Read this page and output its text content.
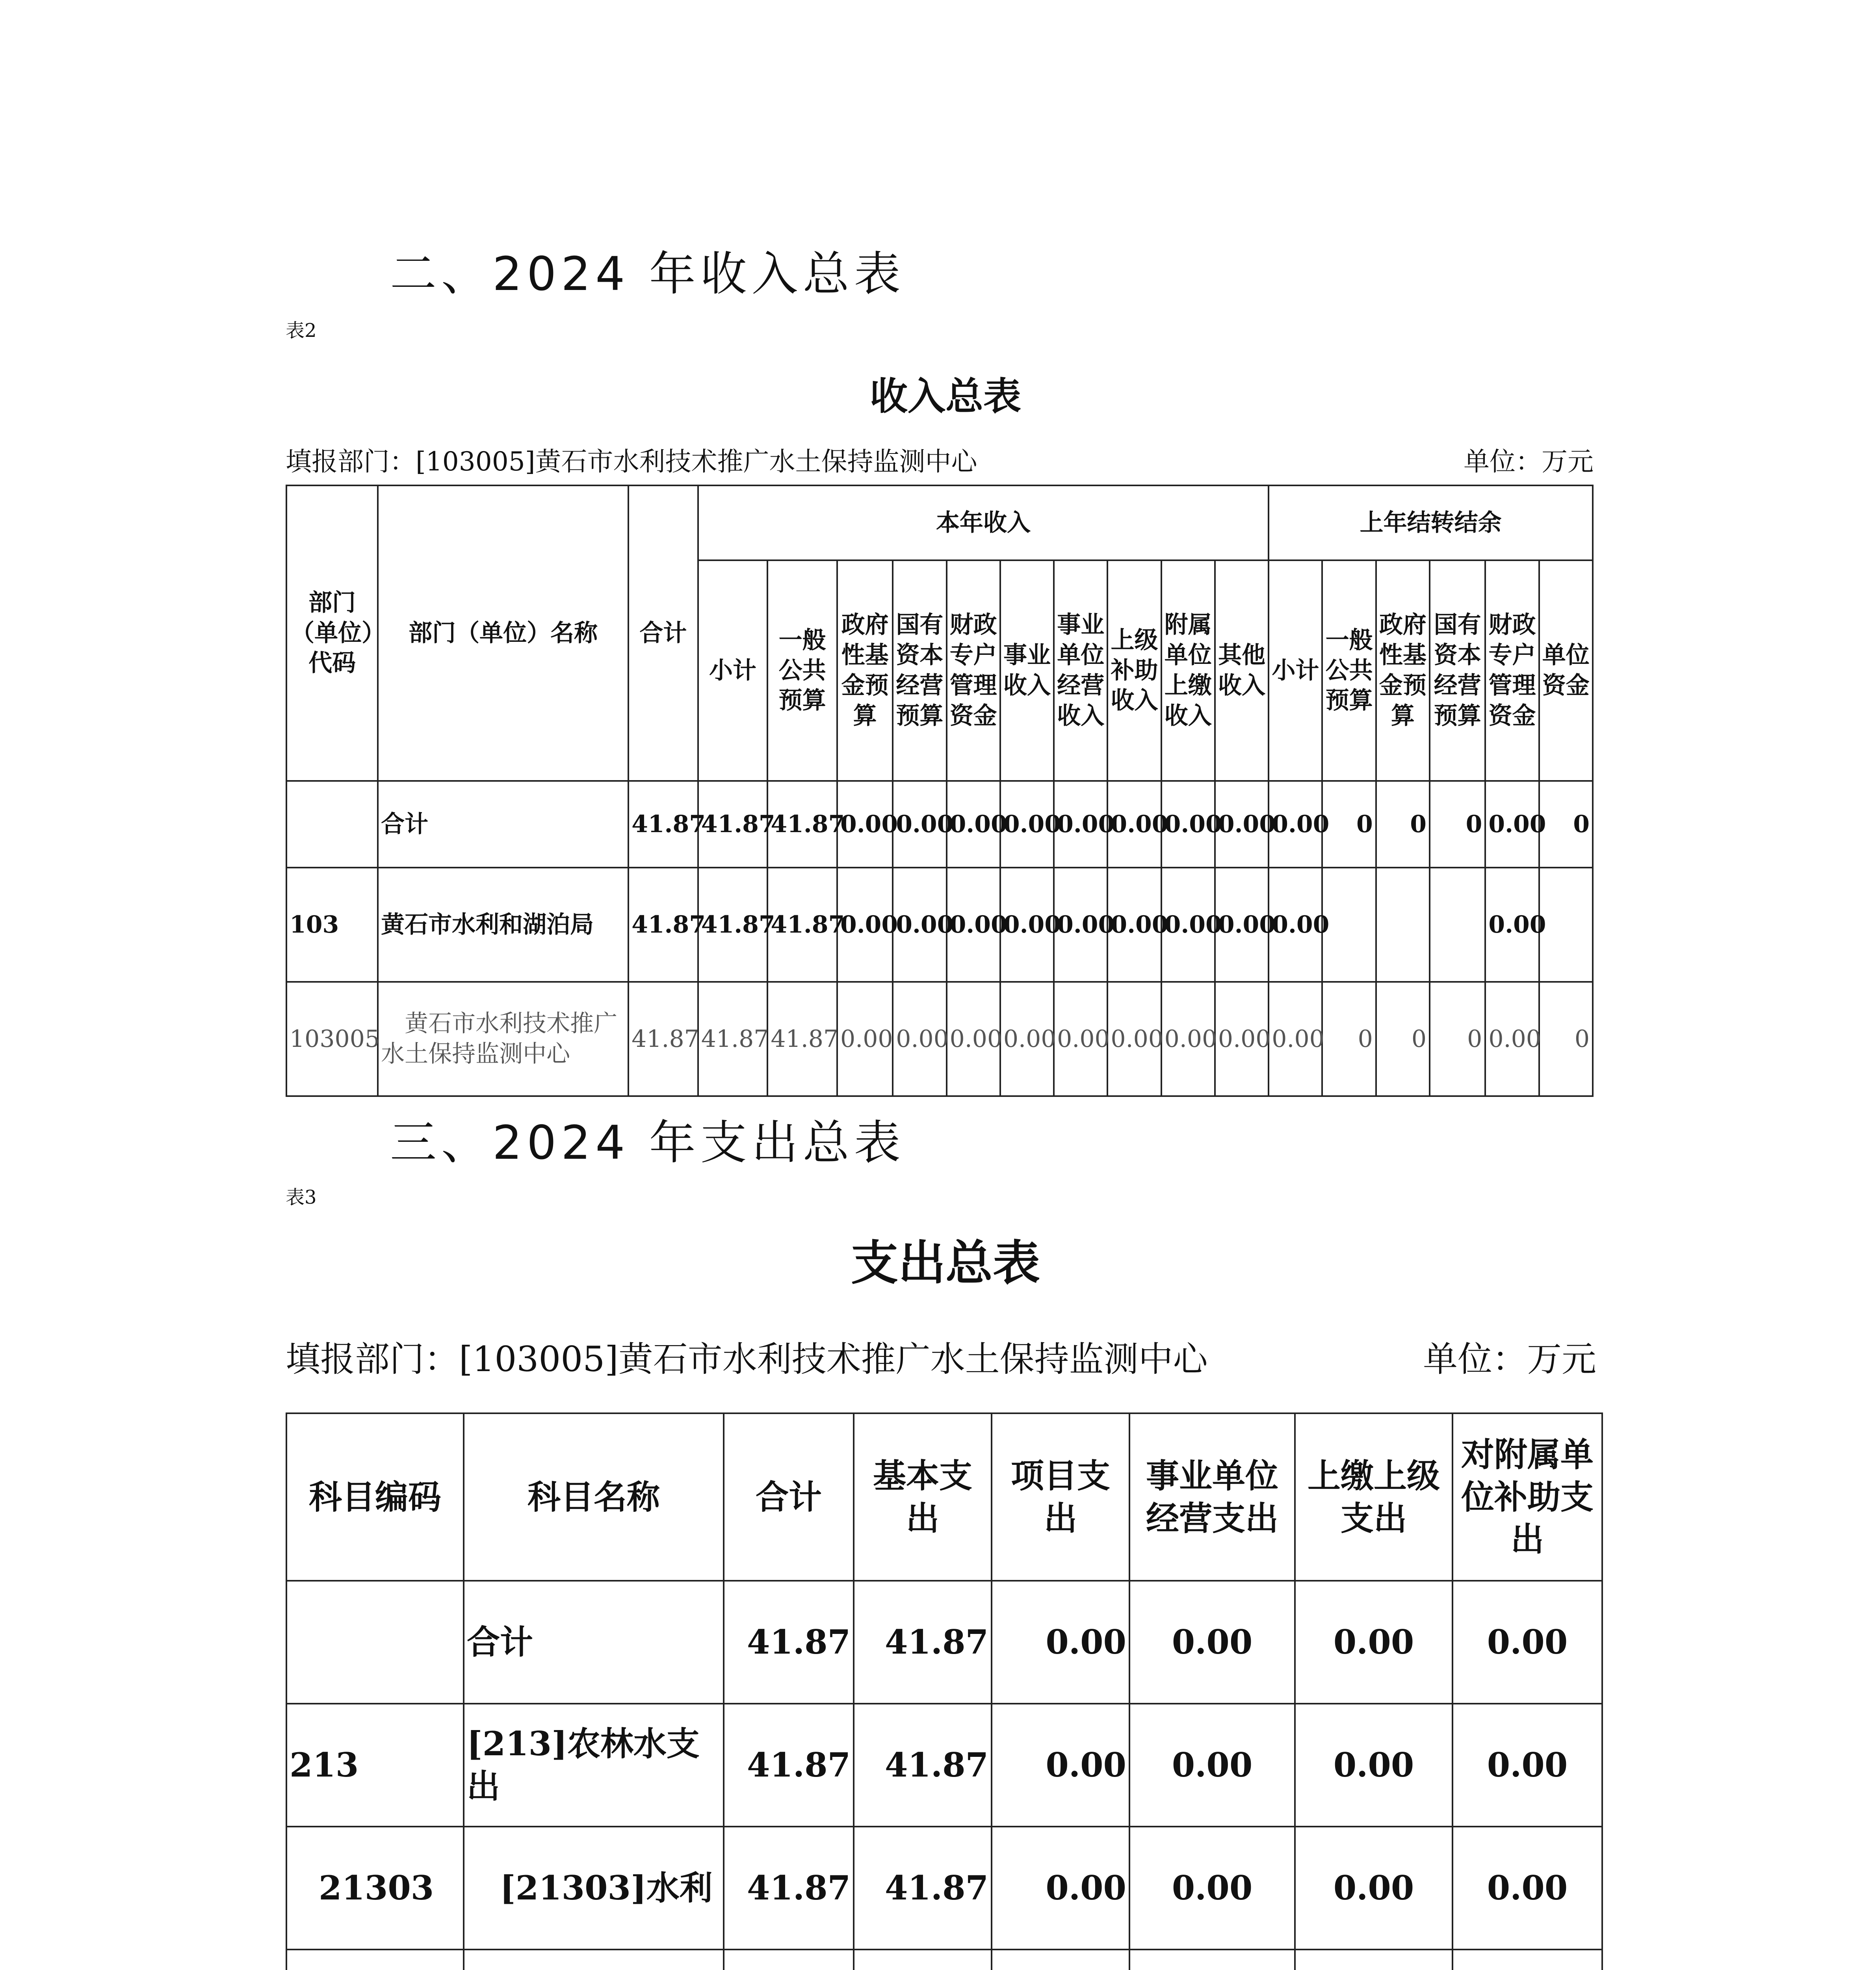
二、2024 年收入总表
表2
收入总表
填报部门：[103005]黄石市水利技术推广水土保持监测中心	单位：万元
部门（单位）代码	部门（单位）名称	合计	本年收入										上年结转结余					
			小计	一般公共预算	政府性基金预算	国有资本经营预算	财政专户管理资金	事业收入	事业单位经营收入	上级补助收入	附属单位上缴收入	其他收入	小计	一般公共预算	政府性基金预算	国有资本经营预算	财政专户管理资金	单位资金
	合计	41.87	41.87	41.87	0.00	0.00	0.00	0.00	0.00	0.00	0.00	0.00	0.00	0	0	0	0.00	0
103	黄石市水利和湖泊局	41.87	41.87	41.87	0.00	0.00	0.00	0.00	0.00	0.00	0.00	0.00	0.00				0.00	
103005	黄石市水利技术推广水土保持监测中心	41.87	41.87	41.87	0.00	0.00	0.00	0.00	0.00	0.00	0.00	0.00	0.00	0	0	0	0.00	0
三、2024 年支出总表
表3
支出总表
填报部门：[103005]黄石市水利技术推广水土保持监测中心	单位：万元
科目编码	科目名称	合计	基本支出	项目支出	事业单位经营支出	上缴上级支出	对附属单位补助支出
	合计	41.87	41.87	0.00	0.00	0.00	0.00
213	[213]农林水支出	41.87	41.87	0.00	0.00	0.00	0.00
21303	[21303]水利	41.87	41.87	0.00	0.00	0.00	0.00
